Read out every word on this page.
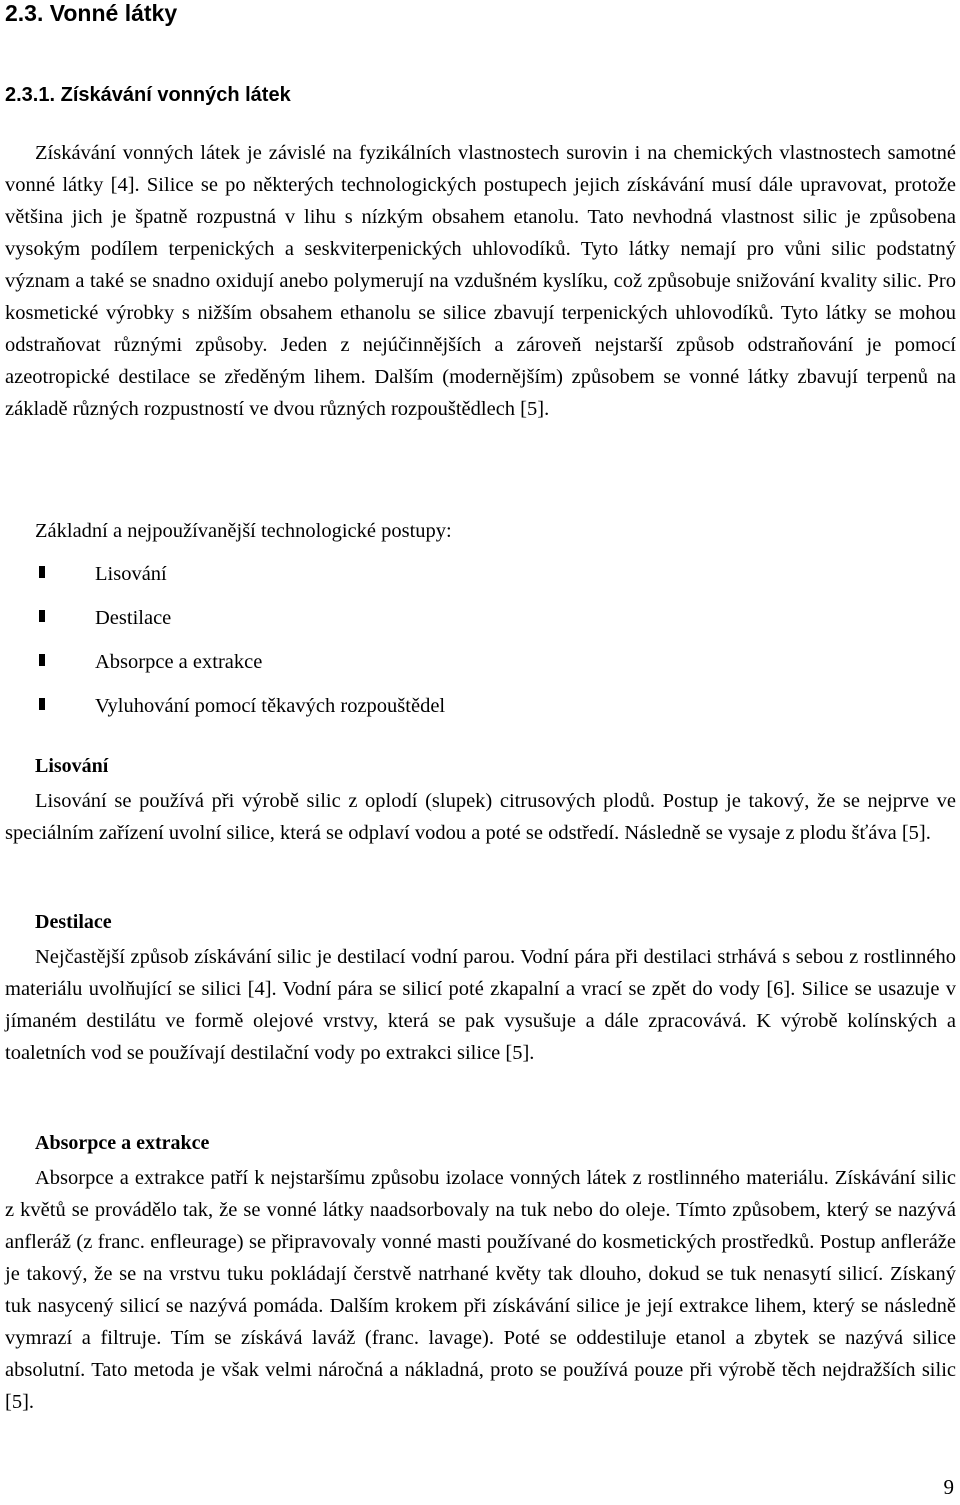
2.3. Vonné látky
2.3.1. Získávání vonných látek

Získávání vonných látek je závislé na fyzikálních vlastnostech surovin i na chemických vlastnostech samotné vonné látky [4]. Silice se po některých technologických postupech jejich získávání musí dále upravovat, protože většina jich je špatně rozpustná v lihu s nízkým obsahem etanolu. Tato nevhodná vlastnost silic je způsobena vysokým podílem terpenických a seskviterpenických uhlovodíků. Tyto látky nemají pro vůni silic podstatný význam a také se snadno oxidují anebo polymerují na vzdušném kyslíku, což způsobuje snižování kvality silic. Pro kosmetické výrobky s nižším obsahem ethanolu se silice zbavují terpenických uhlovodíků. Tyto látky se mohou odstraňovat různými způsoby. Jeden z nejúčinnějších a zároveň nejstarší způsob odstraňování je pomocí azeotropické destilace se zředěným lihem. Dalším (modernějším) způsobem se vonné látky zbavují terpenů na základě různých rozpustností ve dvou různých rozpouštědlech [5].

Základní a nejpoužívanější technologické postupy:

Lisování
Destilace
Absorpce a extrakce
Vyluhování pomocí těkavých rozpouštědel
Lisování

Lisování se používá při výrobě silic z oplodí (slupek) citrusových plodů. Postup je takový, že se nejprve ve speciálním zařízení uvolní silice, která se odplaví vodou a poté se odstředí. Následně se vysaje z plodu šťáva [5].

Destilace

Nejčastější způsob získávání silic je destilací vodní parou. Vodní pára při destilaci strhává s sebou z rostlinného materiálu uvolňující se silici [4]. Vodní pára se silicí poté zkapalní a vrací se zpět do vody [6]. Silice se usazuje v jímaném destilátu ve formě olejové vrstvy, která se pak vysušuje a dále zpracovává. K výrobě kolínských a toaletních vod se používají destilační vody po extrakci silice [5].

Absorpce a extrakce

Absorpce a extrakce patří k nejstaršímu způsobu izolace vonných látek z rostlinného materiálu. Získávání silic z květů se provádělo tak, že se vonné látky naadsorbovaly na tuk nebo do oleje. Tímto způsobem, který se nazývá anfleráž (z franc. enfleurage) se připravovaly vonné masti používané do kosmetických prostředků. Postup anfleráže je takový, že se na vrstvu tuku pokládají čerstvě natrhané květy tak dlouho, dokud se tuk nenasytí silicí. Získaný tuk nasycený silicí se nazývá pomáda. Dalším krokem při získávání silice je její extrakce lihem, který se následně vymrazí a filtruje. Tím se získává laváž (franc. lavage). Poté se oddestiluje etanol a zbytek se nazývá silice absolutní. Tato metoda je však velmi náročná a nákladná, proto se používá pouze při výrobě těch nejdražších silic [5].

9
